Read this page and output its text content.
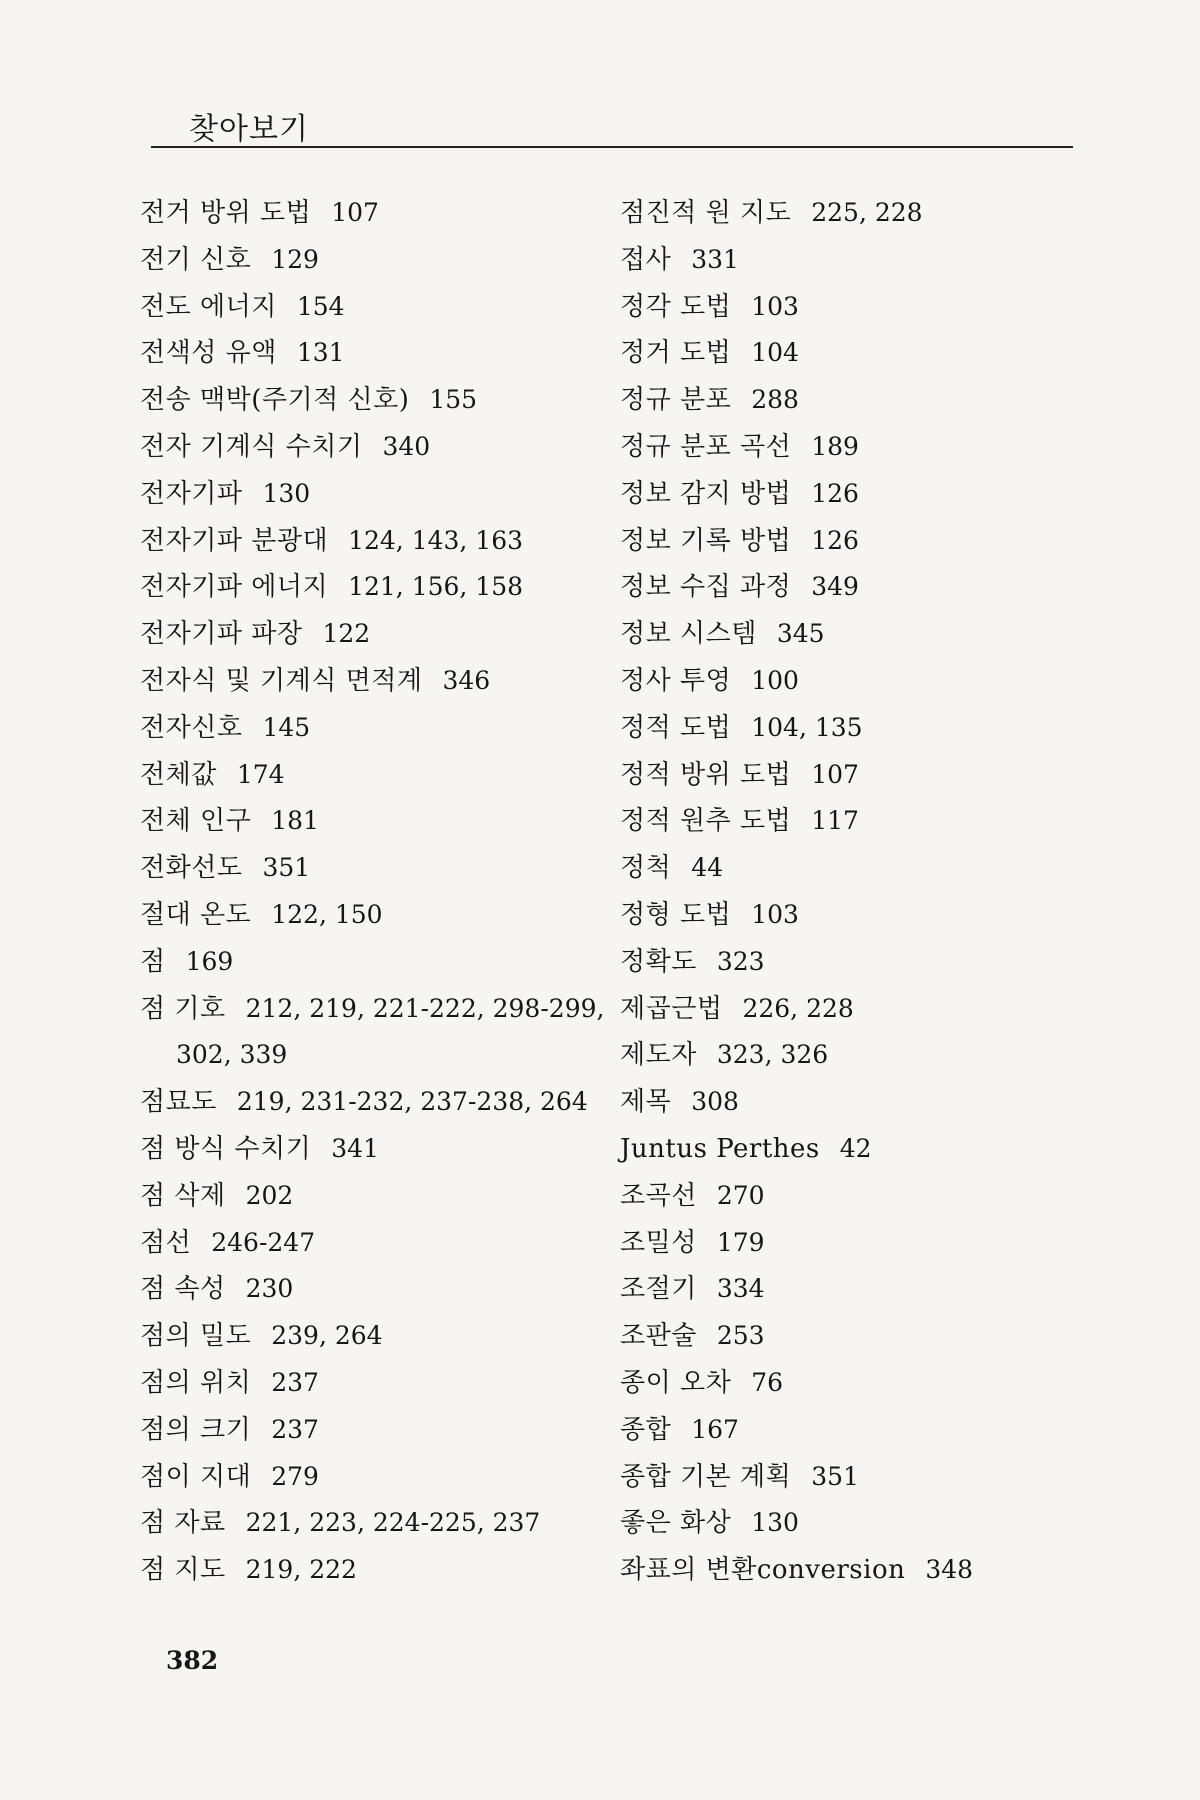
찾아보기
전거 방위 도법 107
전기 신호 129
전도 에너지 154
전색성 유액 131
전송 맥박(주기적 신호) 155
전자 기계식 수치기 340
전자기파 130
전자기파 분광대 124, 143, 163
전자기파 에너지 121, 156, 158
전자기파 파장 122
전자식 및 기계식 면적계 346
전자신호 145
전체값 174
전체 인구 181
전화선도 351
절대 온도 122, 150
점 169
점 기호 212, 219, 221-222, 298-299,
302, 339
점묘도 219, 231-232, 237-238, 264
점 방식 수치기 341
점 삭제 202
점선 246-247
점 속성 230
점의 밀도 239, 264
점의 위치 237
점의 크기 237
점이 지대 279
점 자료 221, 223, 224-225, 237
점 지도 219, 222
점진적 원 지도 225, 228
접사 331
정각 도법 103
정거 도법 104
정규 분포 288
정규 분포 곡선 189
정보 감지 방법 126
정보 기록 방법 126
정보 수집 과정 349
정보 시스템 345
정사 투영 100
정적 도법 104, 135
정적 방위 도법 107
정적 원추 도법 117
정척 44
정형 도법 103
정확도 323
제곱근법 226, 228
제도자 323, 326
제목 308
Juntus Perthes 42
조곡선 270
조밀성 179
조절기 334
조판술 253
종이 오차 76
종합 167
종합 기본 계획 351
좋은 화상 130
좌표의 변환conversion 348
382
